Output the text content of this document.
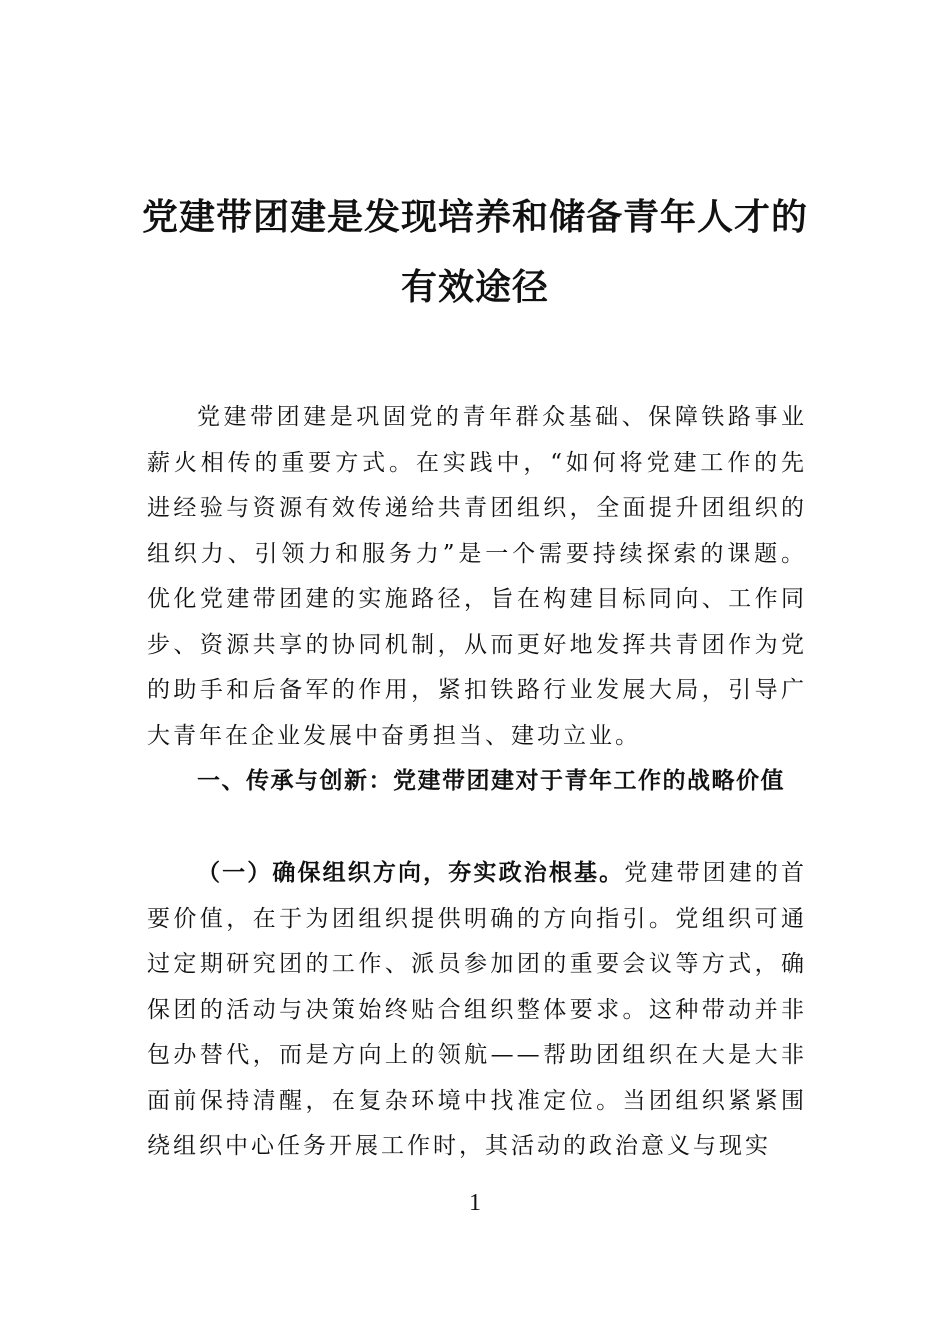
党建带团建是发现培养和储备青年人才的
有效途径

党建带团建是巩固党的青年群众基础、保障铁路事业薪火相传的重要方式。在实践中，“如何将党建工作的先进经验与资源有效传递给共青团组织，全面提升团组织的组织力、引领力和服务力”是一个需要持续探索的课题。优化党建带团建的实施路径，旨在构建目标同向、工作同步、资源共享的协同机制，从而更好地发挥共青团作为党的助手和后备军的作用，紧扣铁路行业发展大局，引导广大青年在企业发展中奋勇担当、建功立业。

一、传承与创新：党建带团建对于青年工作的战略价值

（一）确保组织方向，夯实政治根基。党建带团建的首要价值，在于为团组织提供明确的方向指引。党组织可通过定期研究团的工作、派员参加团的重要会议等方式，确保团的活动与决策始终贴合组织整体要求。这种带动并非包办替代，而是方向上的领航——帮助团组织在大是大非面前保持清醒，在复杂环境中找准定位。当团组织紧紧围绕组织中心任务开展工作时，其活动的政治意义与现实

1
